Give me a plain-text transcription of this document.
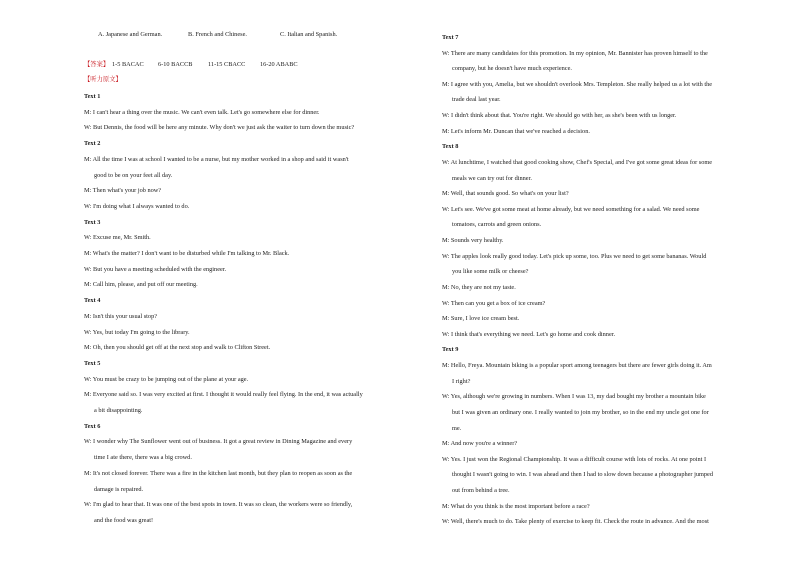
A. Japanese and German.	B. French and Chinese.	C. Italian and Spanish.
【答案】 1-5 BACAC 6-10 BACCB 11-15 CBACC 16-20 ABABC
【听力原文】
Text 1
M: I can't hear a thing over the music. We can't even talk. Let's go somewhere else for dinner.
W: But Dennis, the food will be here any minute. Why don't we just ask the waiter to turn down the music?
Text 2
M: All the time I was at school I wanted to be a nurse, but my mother worked in a shop and said it wasn't
good to be on your feet all day.
M: Then what's your job now?
W: I'm doing what I always wanted to do.
Text 3
W: Excuse me, Mr. Smith.
M: What's the matter? I don't want to be disturbed while I'm talking to Mr. Black.
W: But you have a meeting scheduled with the engineer.
M: Call him, please, and put off our meeting.
Text 4
M: Isn't this your usual stop?
W: Yes, but today I'm going to the library.
M: Oh, then you should get off at the next stop and walk to Clifton Street.
Text 5
W: You must be crazy to be jumping out of the plane at your age.
M: Everyone said so. I was very excited at first. I thought it would really feel flying. In the end, it was actually
a bit disappointing.
Text 6
W: I wonder why The Sunflower went out of business. It got a great review in Dining Magazine and every
time I ate there, there was a big crowd.
M: It's not closed forever. There was a fire in the kitchen last month, but they plan to reopen as soon as the
damage is repaired.
W: I'm glad to hear that. It was one of the best spots in town. It was so clean, the workers were so friendly,
and the food was great!
Text 7
W: There are many candidates for this promotion. In my opinion, Mr. Bannister has proven himself to the
company, but he doesn't have much experience.
M: I agree with you, Amelia, but we shouldn't overlook Mrs. Templeton. She really helped us a lot with the
trade deal last year.
W: I didn't think about that. You're right. We should go with her, as she's been with us longer.
M: Let's inform Mr. Duncan that we've reached a decision.
Text 8
W: At lunchtime, I watched that good cooking show, Chef's Special, and I've got some great ideas for some
meals we can try out for dinner.
M: Well, that sounds good. So what's on your list?
W: Let's see. We've got some meat at home already, but we need something for a salad. We need some
tomatoes, carrots and green onions.
M: Sounds very healthy.
W: The apples look really good today. Let's pick up some, too. Plus we need to get some bananas. Would
you like some milk or cheese?
M: No, they are not my taste.
W: Then can you get a box of ice cream?
M: Sure, I love ice cream best.
W: I think that's everything we need. Let's go home and cook dinner.
Text 9
M: Hello, Freya. Mountain biking is a popular sport among teenagers but there are fewer girls doing it. Am
I right?
W: Yes, although we're growing in numbers. When I was 13, my dad bought my brother a mountain bike
but I was given an ordinary one. I really wanted to join my brother, so in the end my uncle got one for
me.
M: And now you're a winner?
W: Yes. I just won the Regional Championship. It was a difficult course with lots of rocks. At one point I
thought I wasn't going to win. I was ahead and then I had to slow down because a photographer jumped
out from behind a tree.
M: What do you think is the most important before a race?
W: Well, there's much to do. Take plenty of exercise to keep fit. Check the route in advance. And the most
